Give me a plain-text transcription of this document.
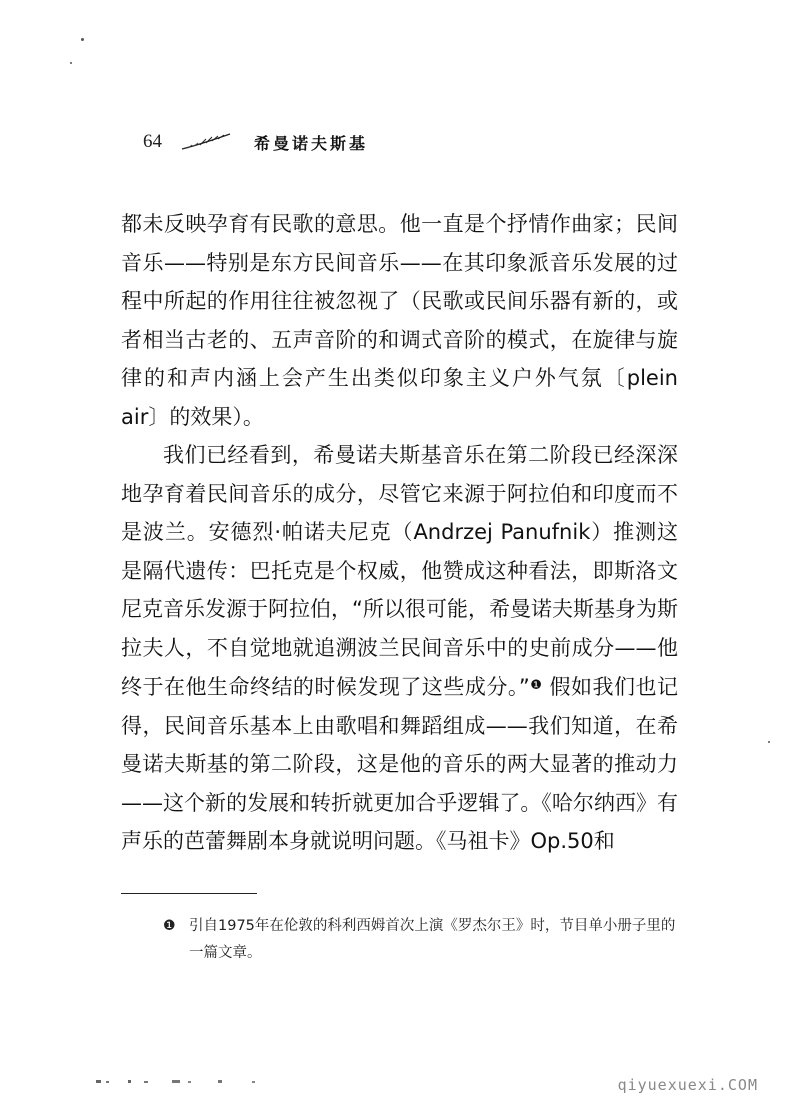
64	希曼诺夫斯基

都未反映孕育有民歌的意思。他一直是个抒情作曲家；民间音乐——特别是东方民间音乐——在其印象派音乐发展的过程中所起的作用往往被忽视了（民歌或民间乐器有新的，或者相当古老的、五声音阶的和调式音阶的模式，在旋律与旋律的和声内涵上会产生出类似印象主义户外气氛〔plein air〕的效果）。

我们已经看到，希曼诺夫斯基音乐在第二阶段已经深深地孕育着民间音乐的成分，尽管它来源于阿拉伯和印度而不是波兰。安德烈·帕诺夫尼克（Andrzej Panufnik）推测这是隔代遗传：巴托克是个权威，他赞成这种看法，即斯洛文尼克音乐发源于阿拉伯，“所以很可能，希曼诺夫斯基身为斯拉夫人，不自觉地就追溯波兰民间音乐中的史前成分——他终于在他生命终结的时候发现了这些成分。”$^❶$ 假如我们也记得，民间音乐基本上由歌唱和舞蹈组成——我们知道，在希曼诺夫斯基的第二阶段，这是他的音乐的两大显著的推动力——这个新的发展和转折就更加合乎逻辑了。《哈尔纳西》有声乐的芭蕾舞剧本身就说明问题。《马祖卡》Op.50和

❶ 引自1975年在伦敦的科利西姆首次上演《罗杰尔王》时，节目单小册子里的一篇文章。
qiyuexuexi.COM
